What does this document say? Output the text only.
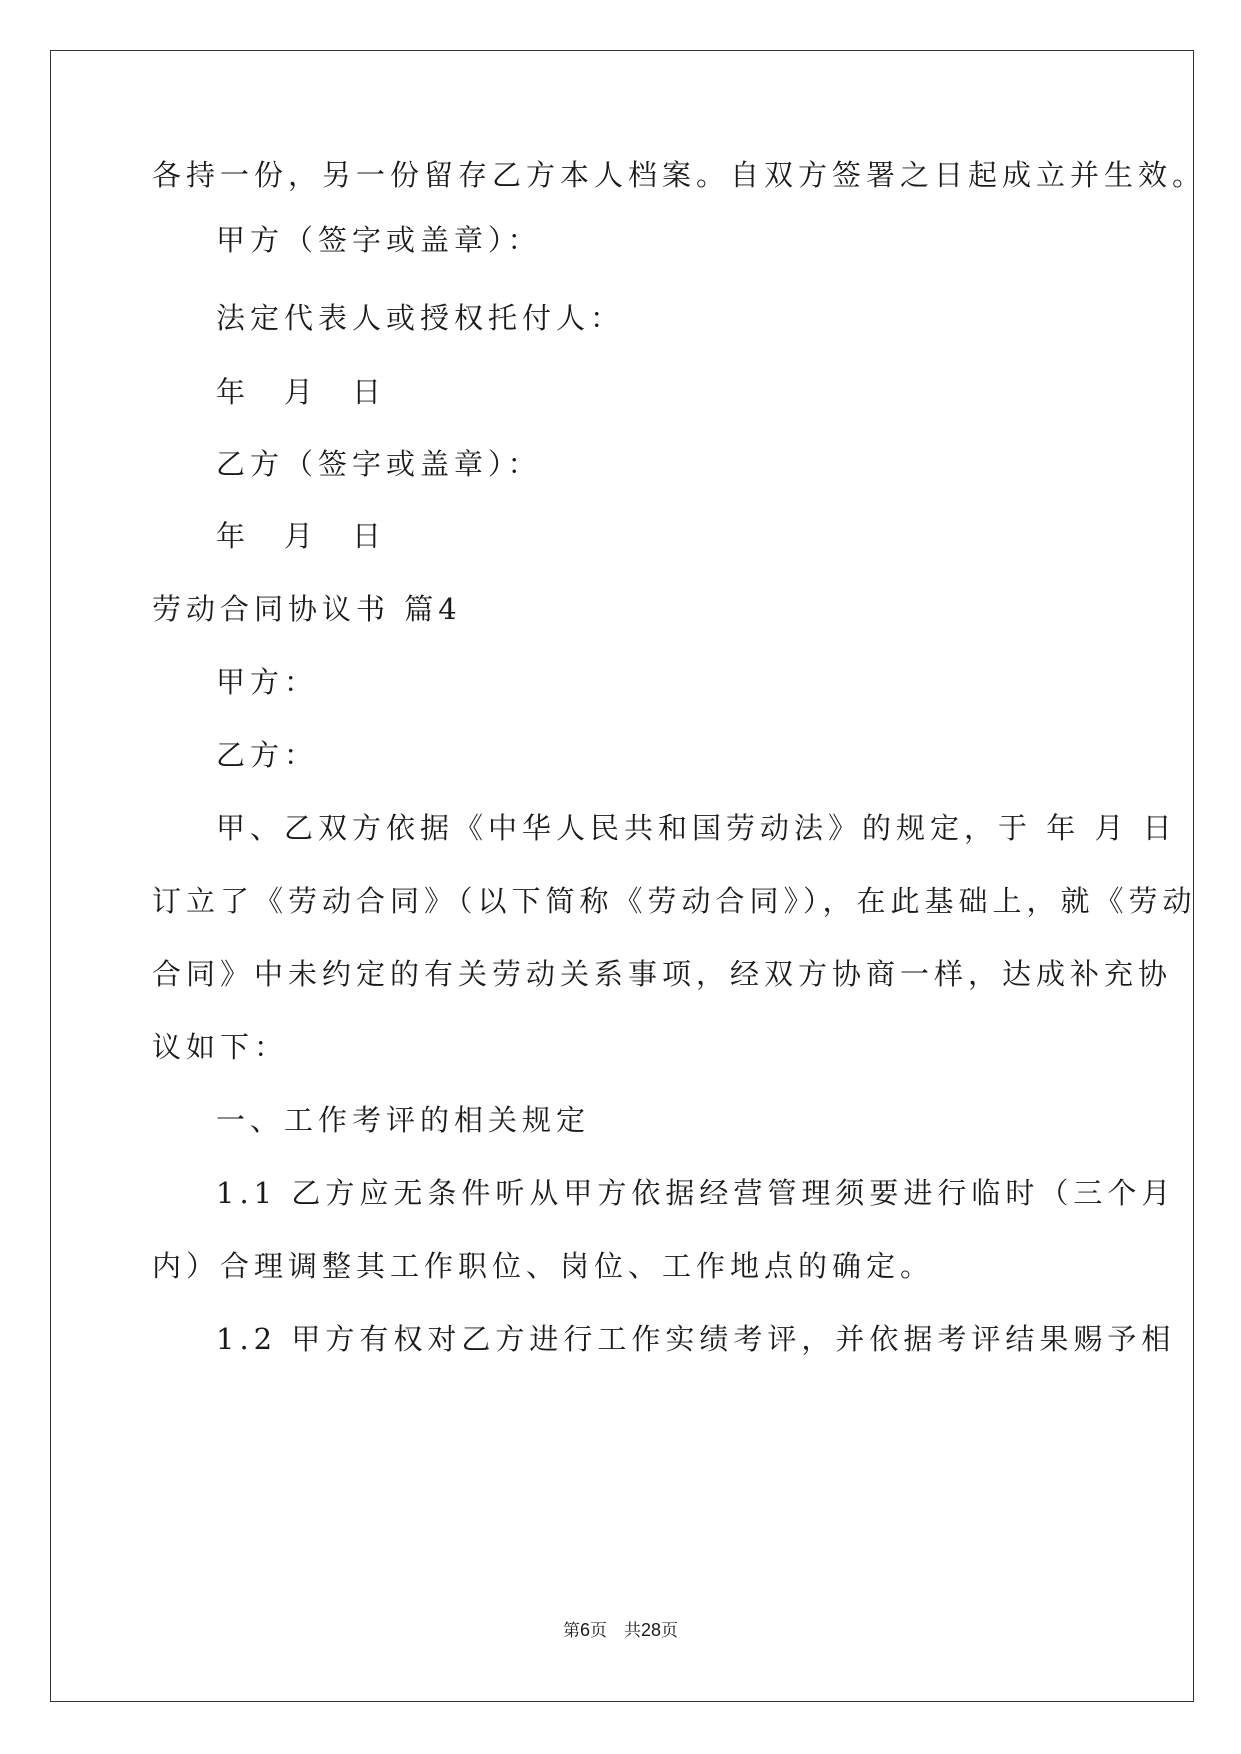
各持一份，另一份留存乙方本人档案。自双方签署之日起成立并生效。
甲方（签字或盖章）：
法定代表人或授权托付人：
年　月　日
乙方（签字或盖章）：
年　月　日
劳动合同协议书 篇4
甲方：
乙方：
甲、乙双方依据《中华人民共和国劳动法》的规定，于 年 月 日
订立了《劳动合同》（以下简称《劳动合同》），在此基础上，就《劳动
合同》中未约定的有关劳动关系事项，经双方协商一样，达成补充协
议如下：
一、工作考评的相关规定
1.1 乙方应无条件听从甲方依据经营管理须要进行临时（三个月
内）合理调整其工作职位、岗位、工作地点的确定。
1.2 甲方有权对乙方进行工作实绩考评，并依据考评结果赐予相
第6页  共28页
